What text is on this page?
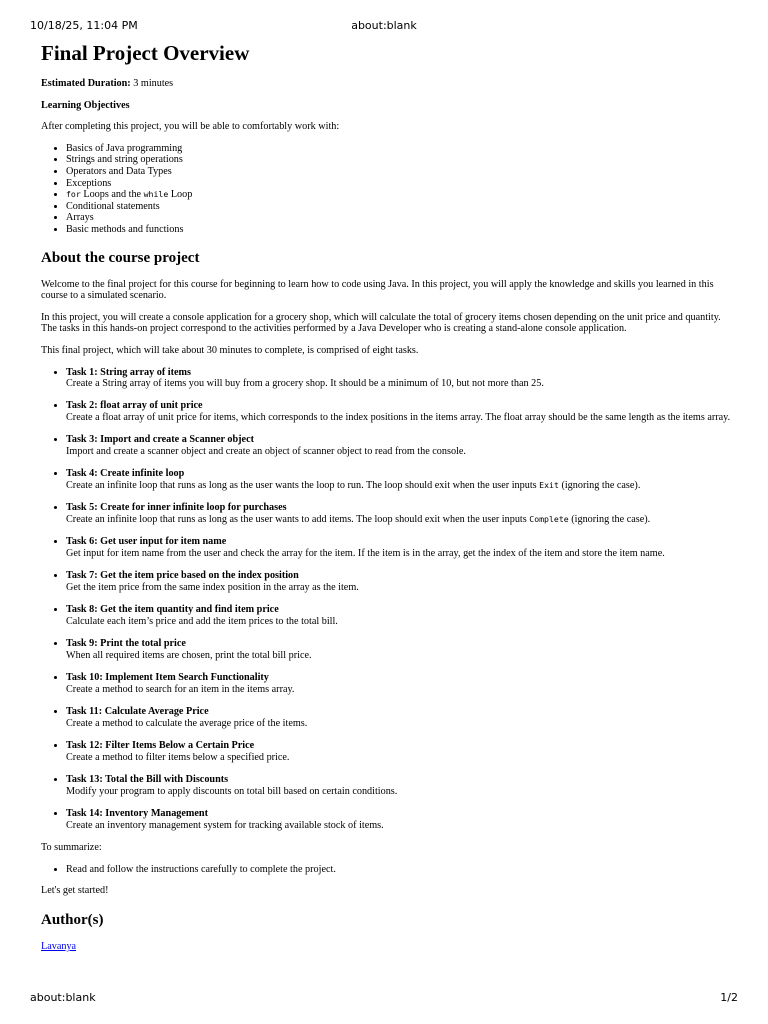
10/18/25, 11:04 PM	about:blank
Final Project Overview

Estimated Duration: 3 minutes

Learning Objectives

After completing this project, you will be able to comfortably work with:

• Basics of Java programming
• Strings and string operations
• Operators and Data Types
• Exceptions
• for Loops and the while Loop
• Conditional statements
• Arrays
• Basic methods and functions
About the course project

Welcome to the final project for this course for beginning to learn how to code using Java. In this project, you will apply the knowledge and skills you learned in this course to a simulated scenario.

In this project, you will create a console application for a grocery shop, which will calculate the total of grocery items chosen depending on the unit price and quantity. The tasks in this hands-on project correspond to the activities performed by a Java Developer who is creating a stand-alone console application.

This final project, which will take about 30 minutes to complete, is comprised of eight tasks.

• Task 1: String array of items
Create a String array of items you will buy from a grocery shop. It should be a minimum of 10, but not more than 25.
• Task 2: float array of unit price
Create a float array of unit price for items, which corresponds to the index positions in the items array. The float array should be the same length as the items array.
• Task 3: Import and create a Scanner object
Import and create a scanner object and create an object of scanner object to read from the console.
• Task 4: Create infinite loop
Create an infinite loop that runs as long as the user wants the loop to run. The loop should exit when the user inputs Exit (ignoring the case).
• Task 5: Create for inner infinite loop for purchases
Create an infinite loop that runs as long as the user wants to add items. The loop should exit when the user inputs Complete (ignoring the case).
• Task 6: Get user input for item name
Get input for item name from the user and check the array for the item. If the item is in the array, get the index of the item and store the item name.
• Task 7: Get the item price based on the index position
Get the item price from the same index position in the array as the item.
• Task 8: Get the item quantity and find item price
Calculate each item’s price and add the item prices to the total bill.
• Task 9: Print the total price
When all required items are chosen, print the total bill price.
• Task 10: Implement Item Search Functionality
Create a method to search for an item in the items array.
• Task 11: Calculate Average Price
Create a method to calculate the average price of the items.
• Task 12: Filter Items Below a Certain Price
Create a method to filter items below a specified price.
• Task 13: Total the Bill with Discounts
Modify your program to apply discounts on total bill based on certain conditions.
• Task 14: Inventory Management
Create an inventory management system for tracking available stock of items.

To summarize:

• Read and follow the instructions carefully to complete the project.

Let's get started!

Author(s)

Lavanya

about:blank	1/2
